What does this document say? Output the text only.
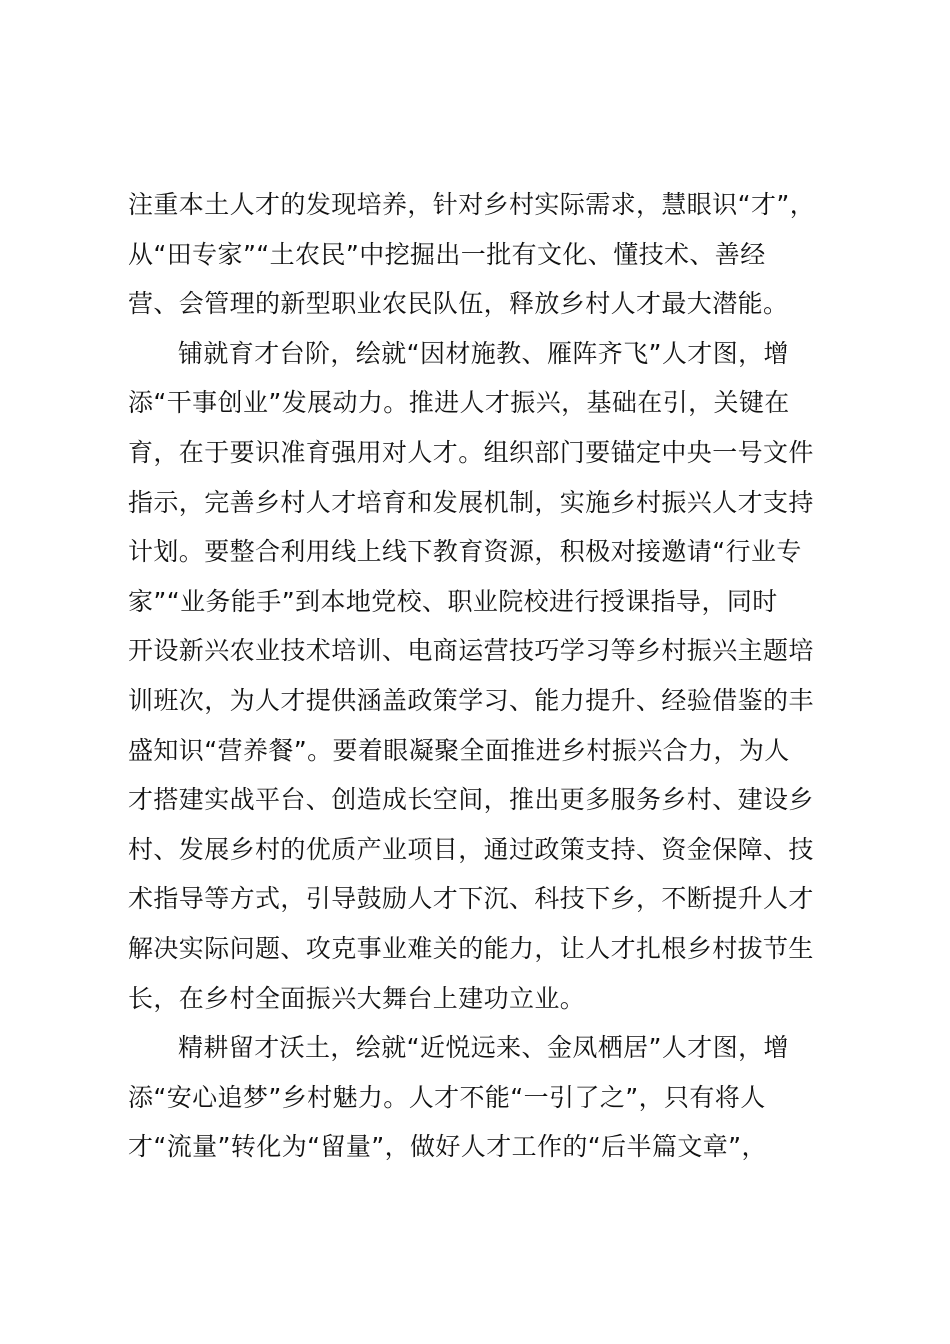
注重本土人才的发现培养，针对乡村实际需求，慧眼识“才”，
从“田专家”“土农民”中挖掘出一批有文化、懂技术、善经
营、会管理的新型职业农民队伍，释放乡村人才最大潜能。
铺就育才台阶，绘就“因材施教、雁阵齐飞”人才图，增
添“干事创业”发展动力。推进人才振兴，基础在引，关键在
育，在于要识准育强用对人才。组织部门要锚定中央一号文件
指示，完善乡村人才培育和发展机制，实施乡村振兴人才支持
计划。要整合利用线上线下教育资源，积极对接邀请“行业专
家”“业务能手”到本地党校、职业院校进行授课指导，同时
开设新兴农业技术培训、电商运营技巧学习等乡村振兴主题培
训班次，为人才提供涵盖政策学习、能力提升、经验借鉴的丰
盛知识“营养餐”。要着眼凝聚全面推进乡村振兴合力，为人
才搭建实战平台、创造成长空间，推出更多服务乡村、建设乡
村、发展乡村的优质产业项目，通过政策支持、资金保障、技
术指导等方式，引导鼓励人才下沉、科技下乡，不断提升人才
解决实际问题、攻克事业难关的能力，让人才扎根乡村拔节生
长，在乡村全面振兴大舞台上建功立业。
精耕留才沃土，绘就“近悦远来、金凤栖居”人才图，增
添“安心追梦”乡村魅力。人才不能“一引了之”，只有将人
才“流量”转化为“留量”，做好人才工作的“后半篇文章”，
